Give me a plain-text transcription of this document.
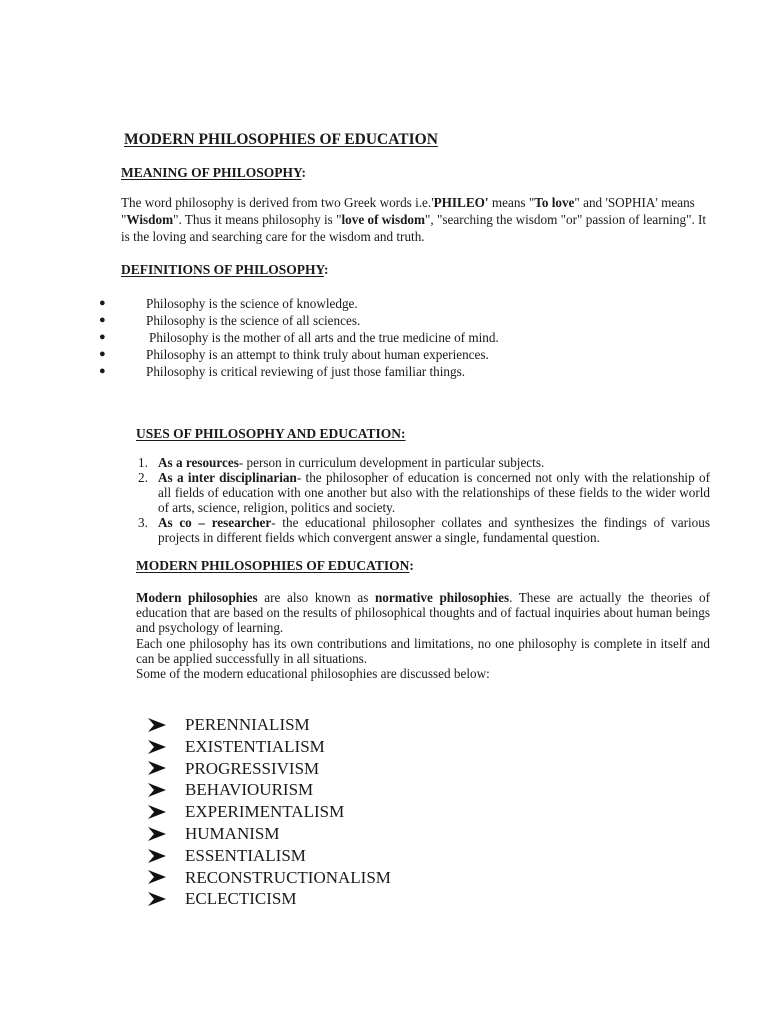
MODERN PHILOSOPHIES OF EDUCATION
MEANING OF PHILOSOPHY:
The word philosophy is derived from two Greek words i.e.'PHILEO' means "To love" and 'SOPHIA' means "Wisdom". Thus it means philosophy is "love of wisdom", "searching the wisdom "or" passion of learning". It is the loving and searching care for the wisdom and truth.
DEFINITIONS OF PHILOSOPHY:
●	Philosophy is the science of knowledge.
●	Philosophy is the science of all sciences.
●	Philosophy is the mother of all arts and the true medicine of mind.
●	Philosophy is an attempt to think truly about human experiences.
●	Philosophy is critical reviewing of just those familiar things.
USES OF PHILOSOPHY AND EDUCATION:
1. As a resources- person in curriculum development in particular subjects.
2. As a inter disciplinarian- the philosopher of education is concerned not only with the relationship of all fields of education with one another but also with the relationships of these fields to the wider world of arts, science, religion, politics and society.
3. As co – researcher- the educational philosopher collates and synthesizes the findings of various projects in different fields which convergent answer a single, fundamental question.
MODERN PHILOSOPHIES OF EDUCATION:

Modern philosophies are also known as normative philosophies. These are actually the theories of education that are based on the results of philosophical thoughts and of factual inquiries about human beings and psychology of learning.

Each one philosophy has its own contributions and limitations, no one philosophy is complete in itself and can be applied successfully in all situations.

Some of the modern educational philosophies are discussed below:

PERENNIALISM
EXISTENTIALISM
PROGRESSIVISM
BEHAVIOURISM
EXPERIMENTALISM
HUMANISM
ESSENTIALISM
RECONSTRUCTIONALISM
ECLECTICISM
